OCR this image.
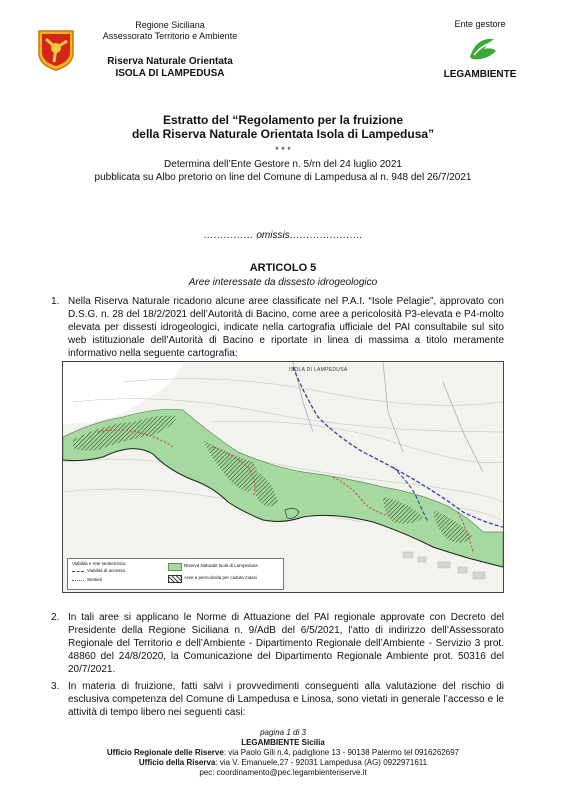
Regione Siciliana
Assessorato Territorio e Ambiente
Riserva Naturale Orientata
ISOLA DI LAMPEDUSA
Ente gestore
LEGAMBIENTE
Estratto del “Regolamento per la fruizione
della Riserva Naturale Orientata Isola di Lampedusa”
* * *
Determina dell’Ente Gestore n. 5/rn del 24 luglio 2021
pubblicata su Albo pretorio on line del Comune di Lampedusa al n. 948 del 26/7/2021
…………… omissis………………….
ARTICOLO 5
Aree interessate da dissesto idrogeologico
1. Nella Riserva Naturale ricadono alcune aree classificate nel P.A.I. “Isole Pelagie”, approvato con D.S.G. n. 28 del 18/2/2021 dell’Autorità di Bacino, come aree a pericolosità P3-elevata e P4-molto elevata per dissesti idrogeologici, indicate nella cartografia ufficiale del PAI consultabile sul sito web istituzionale dell’Autorità di Bacino e riportate in linea di massima a titolo meramente informativo nella seguente cartografia:
ISOLA DI LAMPEDUSA
Viabilità e rete sentieristica
Viabilità di accesso
Sentieri
Riserva Naturale Isola di Lampedusa
Aree a pericolosità per caduta massi
2. In tali aree si applicano le Norme di Attuazione del PAI regionale approvate con Decreto del Presidente della Regione Siciliana n. 9/AdB del 6/5/2021, l’atto di indirizzo dell’Assessorato Regionale del Territorio e dell’Ambiente - Dipartimento Regionale dell’Ambiente - Servizio 3 prot. 48860 del 24/8/2020, la Comunicazione del Dipartimento Regionale Ambiente prot. 50316 del 20/7/2021.
3. In materia di fruizione, fatti salvi i provvedimenti conseguenti alla valutazione del rischio di esclusiva competenza del Comune di Lampedusa e Linosa, sono vietati in generale l’accesso e le attività di tempo libero nei seguenti casi:
pagina 1 di 3
LEGAMBIENTE Sicilia
Ufficio Regionale delle Riserve: via Paolo Gili n.4, padiglione 13 - 90138 Palermo tel 0916262697
Ufficio della Riserva: via V. Emanuele,27 - 92031 Lampedusa (AG) 0922971611
pec: coordinamento@pec.legambienteriserve.it
